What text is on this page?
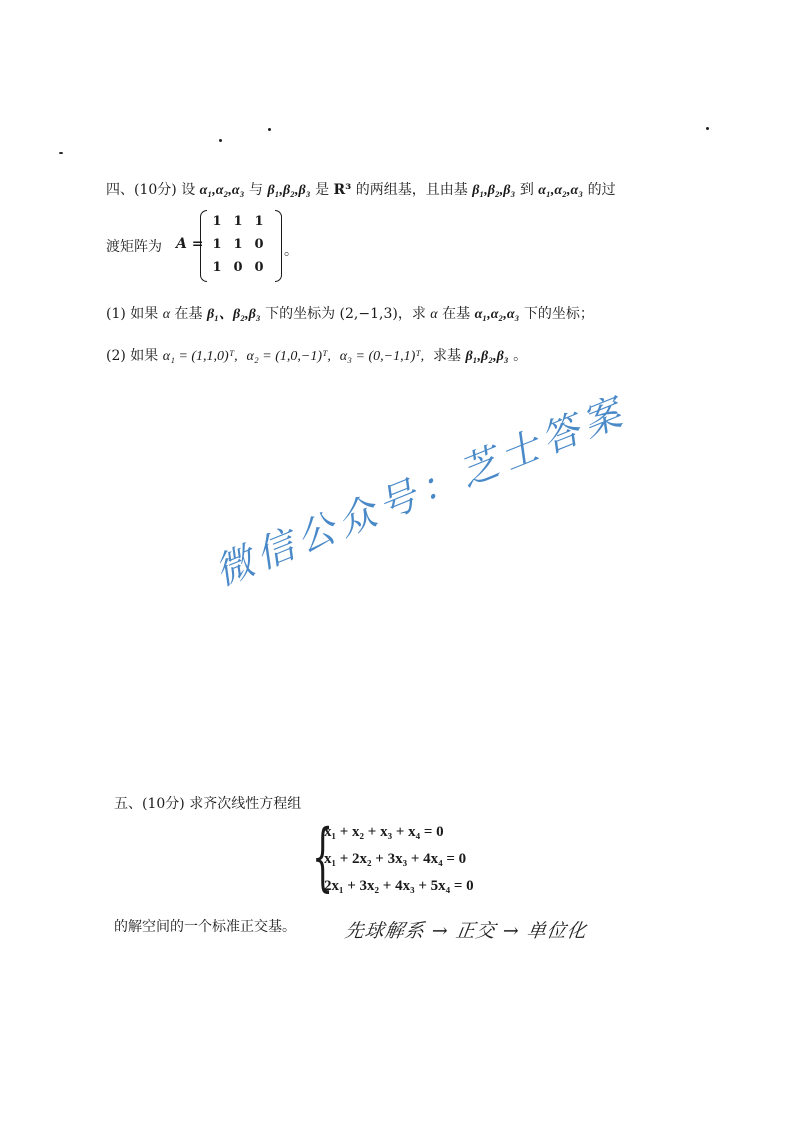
四、(10分) 设 α₁,α₂,α₃ 与 β₁,β₂,β₃ 是 R³ 的两组基，且由基 β₁,β₂,β₃ 到 α₁,α₂,α₃ 的过
渡矩阵为 A =
1 1 1
1 1 0
1 0 0
。
(1) 如果 α 在基 β₁、β₂,β₃ 下的坐标为 (2,−1,3)，求 α 在基 α₁,α₂,α₃ 下的坐标；
(2) 如果 α₁ = (1,1,0)ᵀ, α₂ = (1,0,−1)ᵀ, α₃ = (0,−1,1)ᵀ, 求基 β₁,β₂,β₃ 。
微信公众号：芝士答案
五、(10分) 求齐次线性方程组
{
x₁ + x₂ + x₃ + x₄ = 0
x₁ + 2x₂ + 3x₃ + 4x₄ = 0
2x₁ + 3x₂ + 4x₃ + 5x₄ = 0
的解空间的一个标准正交基。 先球解系 → 正交 → 单位化
